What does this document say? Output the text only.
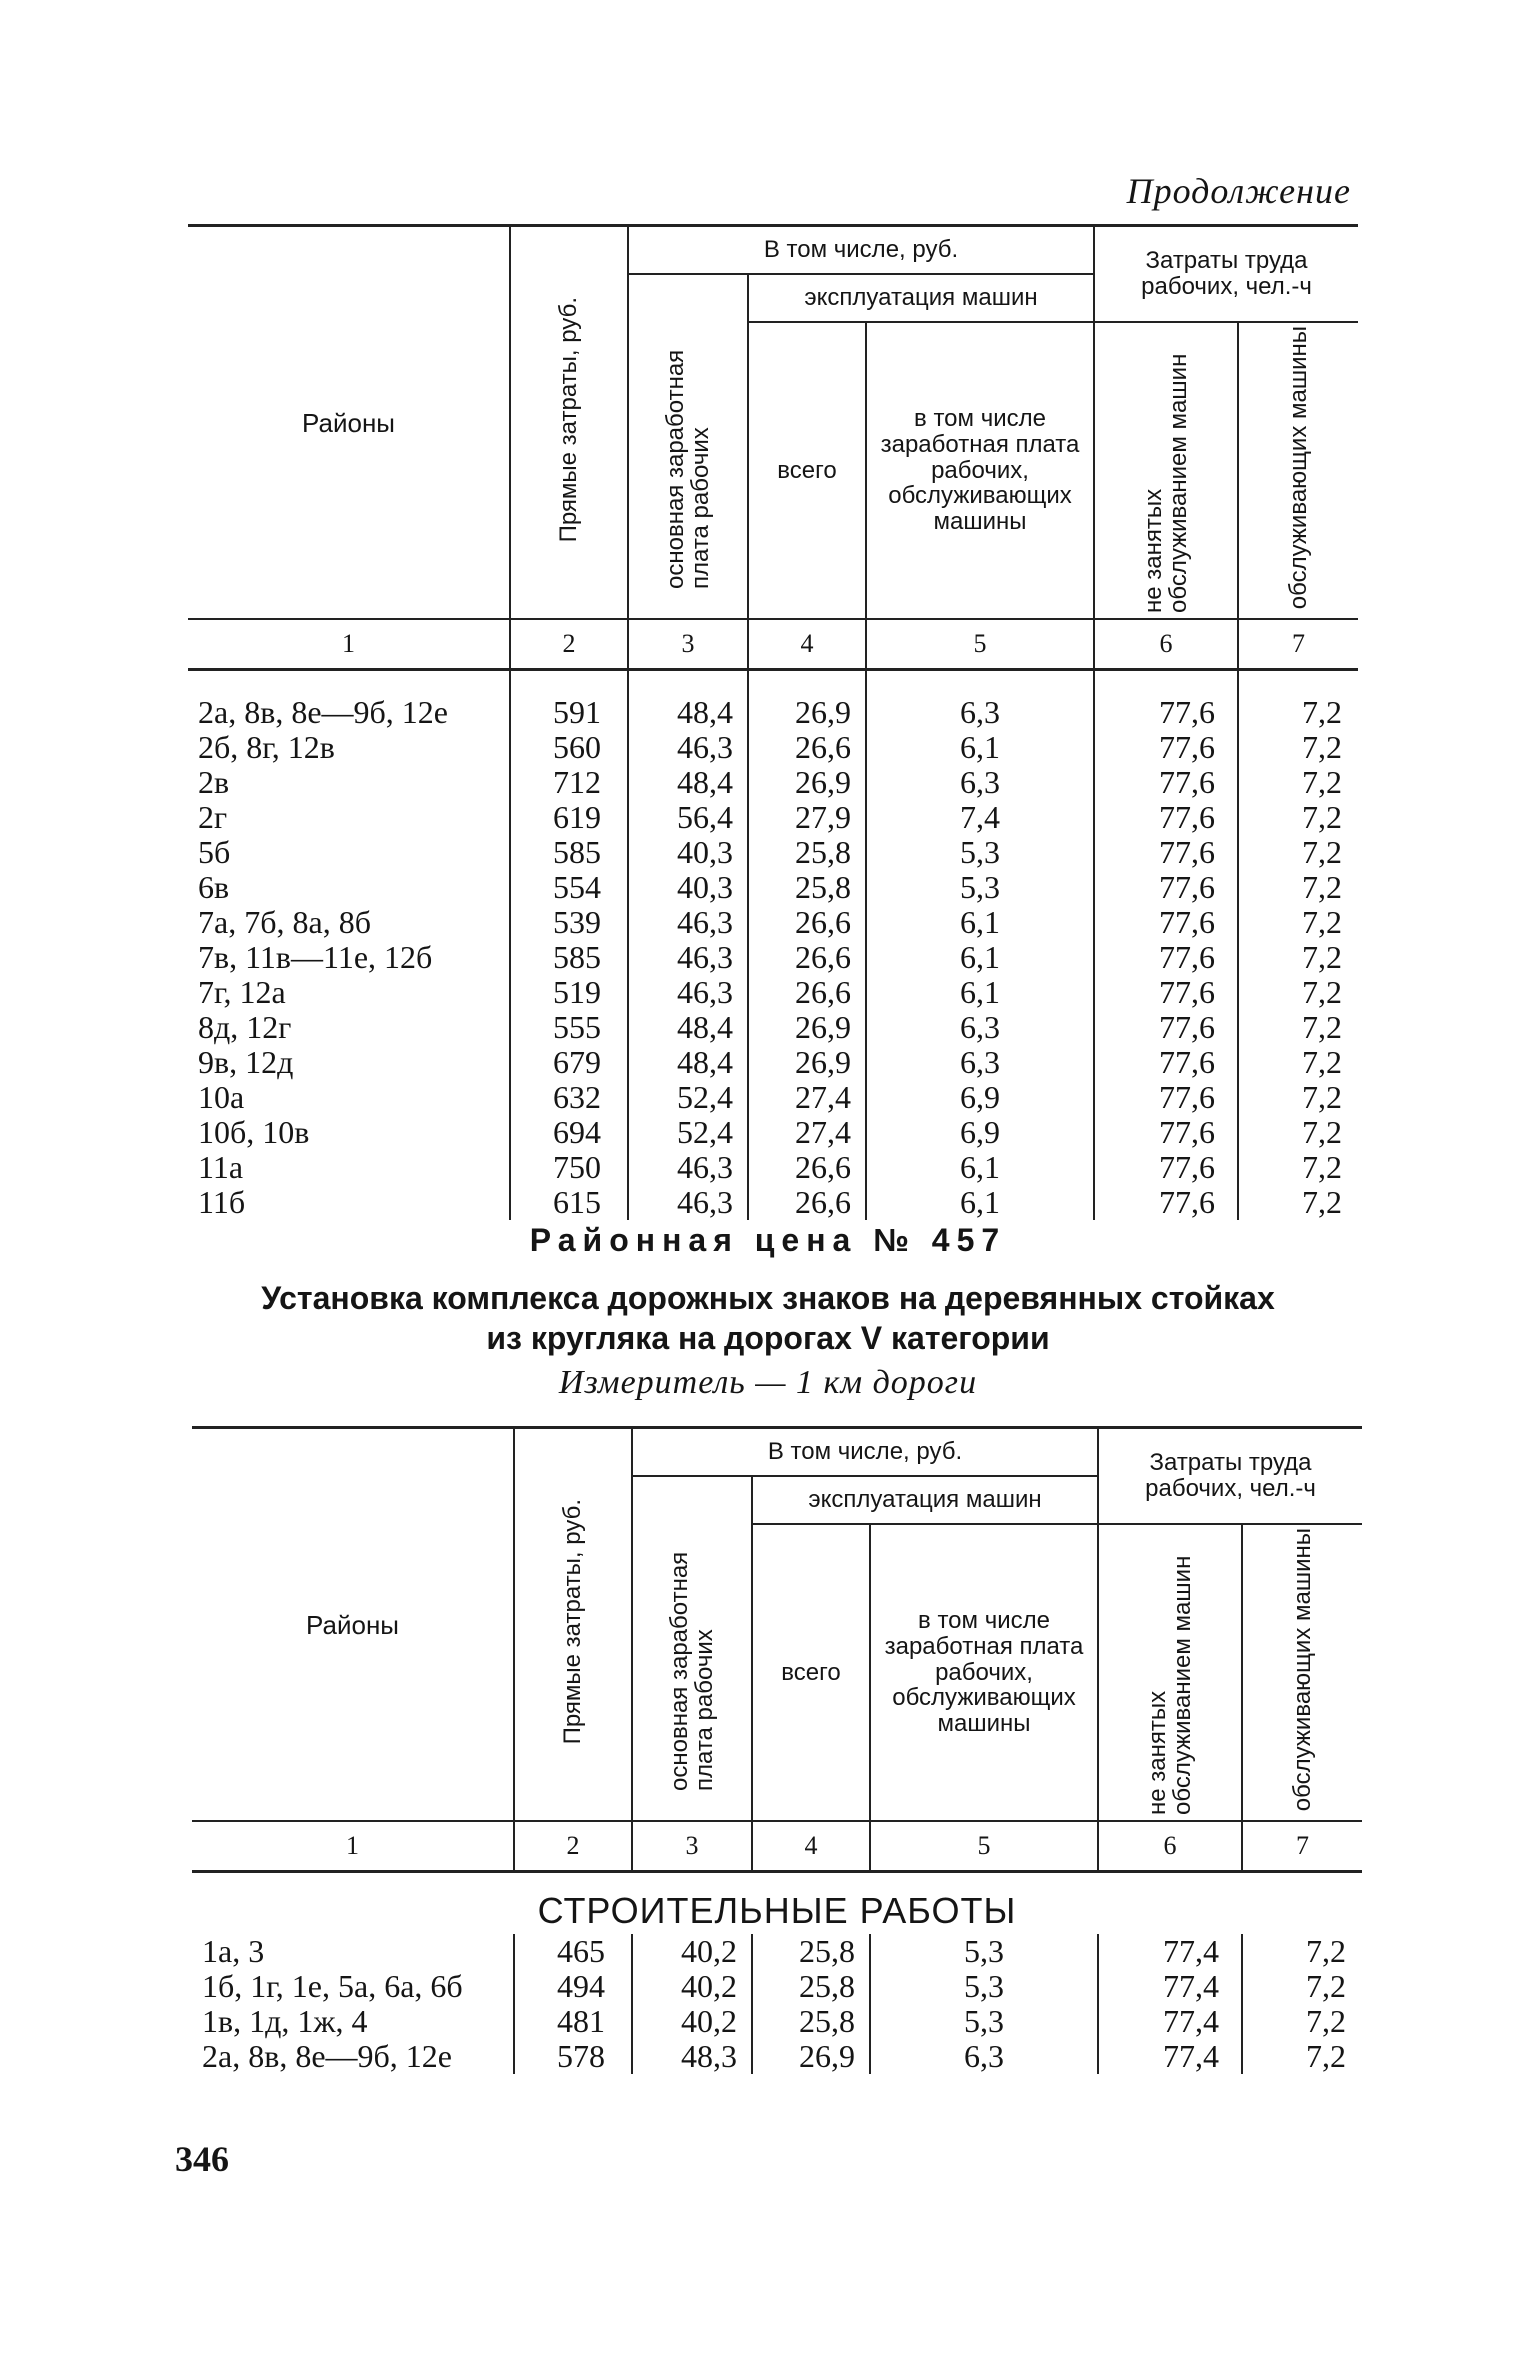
Продолжение
Районы	Прямые затраты, руб.	В том числе, руб.			Затраты труда рабочих, чел.-ч	
		основная заработная плата рабочих	эксплуатация машин			
			всего	в том числе заработная плата рабочих, обслуживающих машины	не занятых обслуживанием машин	обслуживающих машины
1	2	3	4	5	6	7

2а, 8в, 8е—9б, 12е	591	48,4	26,9	6,3	77,6	7,2
2б, 8г, 12в	560	46,3	26,6	6,1	77,6	7,2
2в	712	48,4	26,9	6,3	77,6	7,2
2г	619	56,4	27,9	7,4	77,6	7,2
5б	585	40,3	25,8	5,3	77,6	7,2
6в	554	40,3	25,8	5,3	77,6	7,2
7а, 7б, 8а, 8б	539	46,3	26,6	6,1	77,6	7,2
7в, 11в—11е, 12б	585	46,3	26,6	6,1	77,6	7,2
7г, 12а	519	46,3	26,6	6,1	77,6	7,2
8д, 12г	555	48,4	26,9	6,3	77,6	7,2
9в, 12д	679	48,4	26,9	6,3	77,6	7,2
10а	632	52,4	27,4	6,9	77,6	7,2
10б, 10в	694	52,4	27,4	6,9	77,6	7,2
11а	750	46,3	26,6	6,1	77,6	7,2
11б	615	46,3	26,6	6,1	77,6	7,2
Районная цена № 457
Установка комплекса дорожных знаков на деревянных стойках
из кругляка на дорогах V категории
Измеритель — 1 км дороги
Районы	Прямые затраты, руб.	В том числе, руб.			Затраты труда рабочих, чел.-ч	
		основная заработная плата рабочих	эксплуатация машин			
			всего	в том числе заработная плата рабочих, обслуживающих машины	не занятых обслуживанием машин	обслуживающих машины
1	2	3	4	5	6	7
СТРОИТЕЛЬНЫЕ РАБОТЫ						
1а, 3	465	40,2	25,8	5,3	77,4	7,2
1б, 1г, 1е, 5а, 6а, 6б	494	40,2	25,8	5,3	77,4	7,2
1в, 1д, 1ж, 4	481	40,2	25,8	5,3	77,4	7,2
2а, 8в, 8е—9б, 12е	578	48,3	26,9	6,3	77,4	7,2
346
